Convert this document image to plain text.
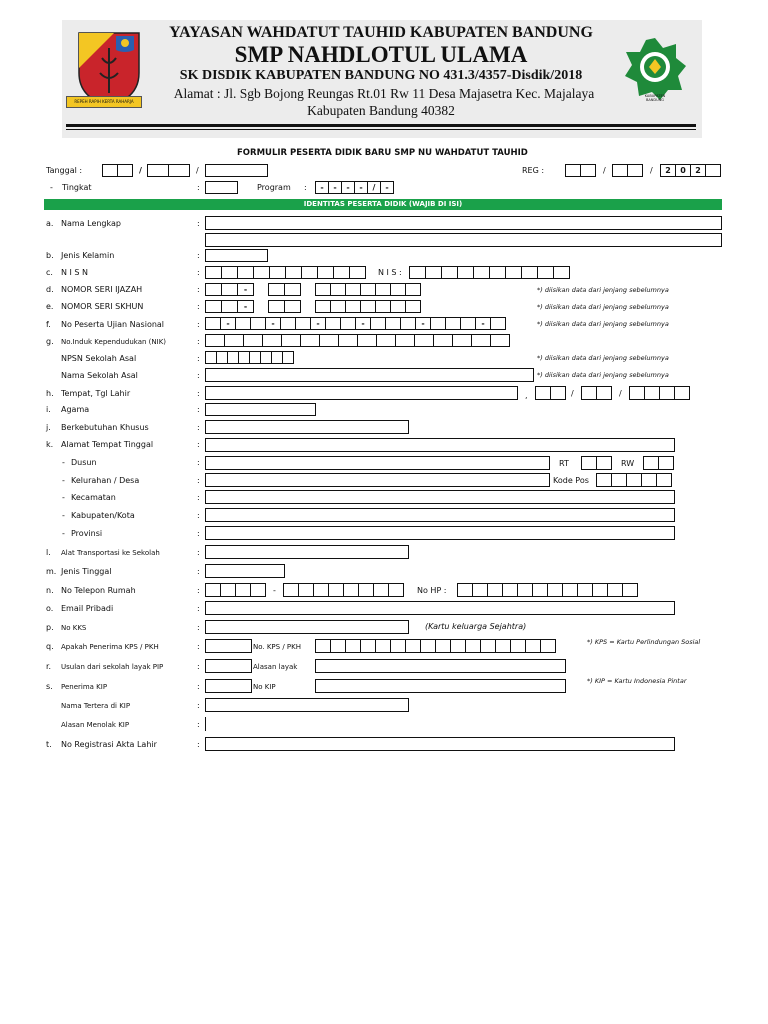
REPEH RAPIH KERTA RAHARJA
KABUPATEN BANDUNG
YAYASAN WAHDATUT TAUHID KABUPATEN BANDUNG
SMP NAHDLOTUL ULAMA
SK DISDIK KABUPATEN BANDUNG NO 431.3/4357-Disdik/2018
Alamat : Jl. Sgb Bojong Reungas Rt.01 Rw 11 Desa Majasetra Kec. Majalaya
Kabupaten Bandung 40382
FORMULIR PESERTA DIDIK BARU SMP NU WAHDATUT TAUHID
Tanggal :	/	/	REG :	/	/	2	0	2
- Tingkat	:	Program :	-	-	-	-	/	-
IDENTITAS PESERTA DIDIK (WAJIB DI ISI)
a. Nama Lengkap	:
b. Jenis Kelamin	:
c. N I S N	:	N I S :
d. NOMOR SERI IJAZAH	:	-	*) diisikan data dari jenjang sebelumnya
e. NOMOR SERI SKHUN	:	-	*) diisikan data dari jenjang sebelumnya
f. No Peserta Ujian Nasional	:	-	-	-	-	-	-	*) diisikan data dari jenjang sebelumnya
g. No.Induk Kependudukan (NIK)	:
NPSN Sekolah Asal	:	*) diisikan data dari jenjang sebelumnya
Nama Sekolah Asal	:	*) diisikan data dari jenjang sebelumnya
h. Tempat, Tgl Lahir	:	,	/	/
i. Agama	:
j. Berkebutuhan Khusus	:
k. Alamat Tempat Tinggal	:
- Dusun	:	RT	RW
- Kelurahan / Desa	:	Kode Pos
- Kecamatan	:
- Kabupaten/Kota	:
- Provinsi	:
l. Alat Transportasi ke Sekolah	:
m. Jenis Tinggal	:
n. No Telepon Rumah	:	-	No HP :
o. Email Pribadi	:
p. No KKS	:	(Kartu keluarga Sejahtra)
q. Apakah Penerima KPS / PKH	:	No. KPS / PKH
*) KPS = Kartu Perlindungan Sosial
r. Usulan dari sekolah layak PIP	:	Alasan layak
s. Penerima KIP	:	No KIP
*) KIP = Kartu Indonesia Pintar
Nama Tertera di KIP	:
Alasan Menolak KIP	:
t. No Registrasi Akta Lahir	:
